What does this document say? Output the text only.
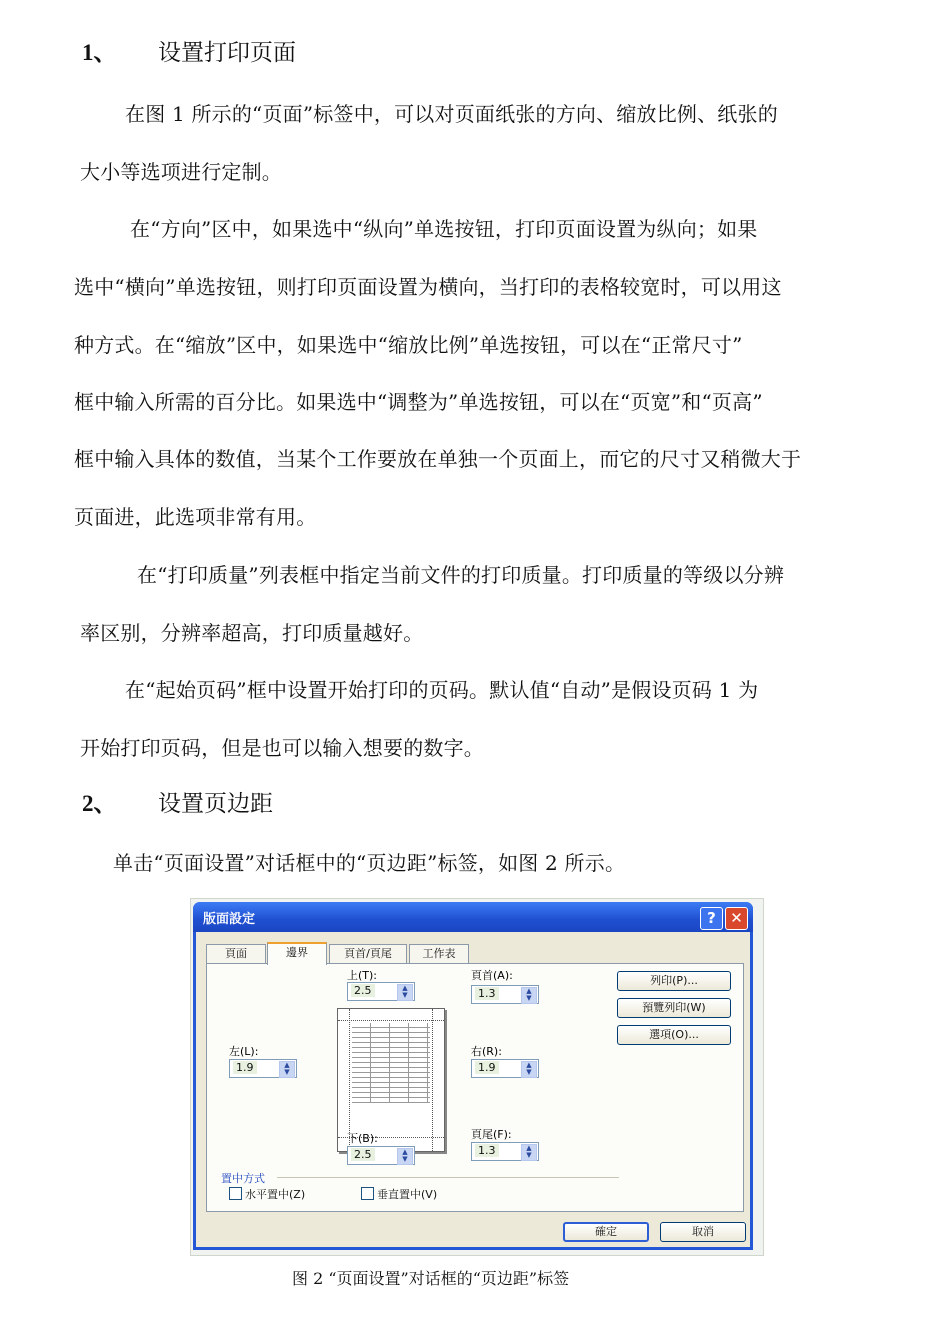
1、 设置打印页面
在图 1 所示的“页面”标签中，可以对页面纸张的方向、缩放比例、纸张的
大小等选项进行定制。
在“方向”区中，如果选中“纵向”单选按钮，打印页面设置为纵向；如果
选中“横向”单选按钮，则打印页面设置为横向，当打印的表格较宽时，可以用这
种方式。在“缩放”区中，如果选中“缩放比例”单选按钮，可以在“正常尺寸”
框中输入所需的百分比。如果选中“调整为”单选按钮，可以在“页宽”和“页高”
框中输入具体的数值，当某个工作要放在单独一个页面上，而它的尺寸又稍微大于
页面进，此选项非常有用。
在“打印质量”列表框中指定当前文件的打印质量。打印质量的等级以分辨
率区别，分辨率超高，打印质量越好。
在“起始页码”框中设置开始打印的页码。默认值“自动”是假设页码 1 为
开始打印页码，但是也可以输入想要的数字。
2、 设置页边距
单击“页面设置”对话框中的“页边距”标签，如图 2 所示。
版面設定	? ✕
頁面	邊界	頁首/頁尾	工作表
上(T):
2.5	▲
▼
頁首(A):
1.3	▲
▼
左(L):
1.9	▲
▼
右(R):
1.9	▲
▼
下(B):
2.5	▲
▼
頁尾(F):
1.3	▲
▼
列印(P)...
預覽列印(W)
選項(O)...
置中方式
水平置中(Z)	垂直置中(V)
確定	取消
图 2 “页面设置”对话框的“页边距”标签
